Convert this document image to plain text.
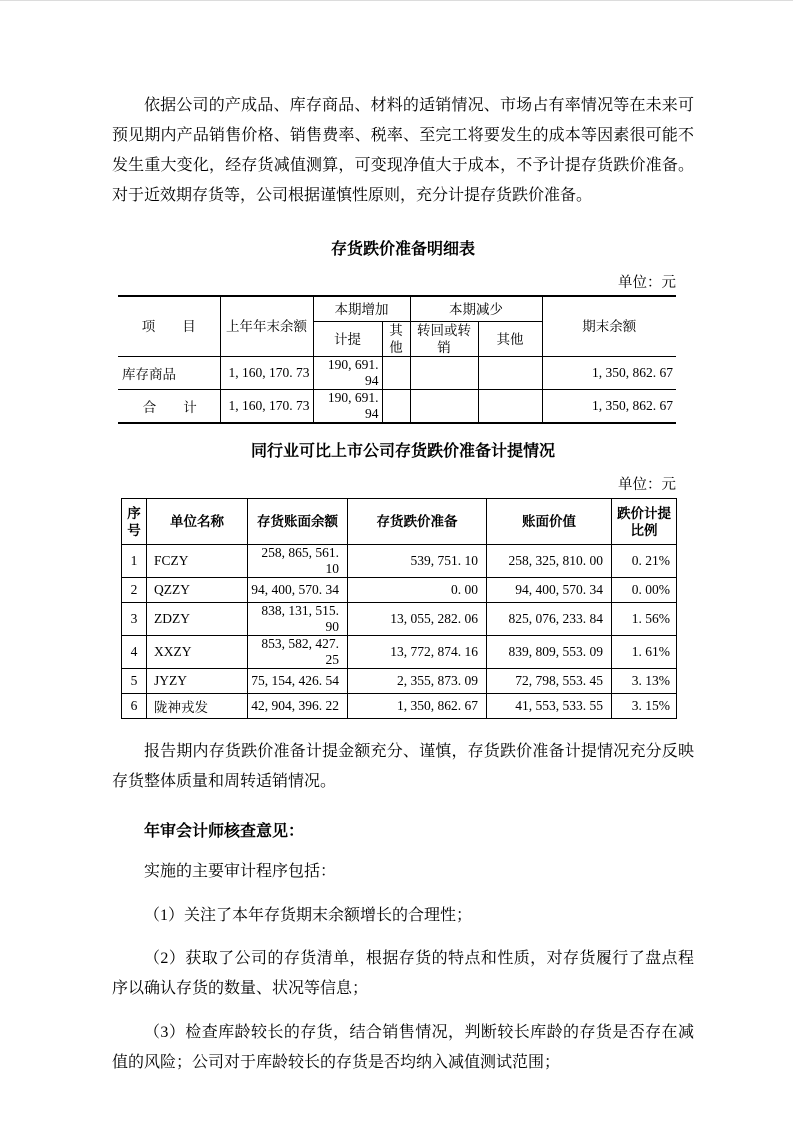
依据公司的产成品、库存商品、材料的适销情况、市场占有率情况等在未来可预见期内产品销售价格、销售费率、税率、至完工将要发生的成本等因素很可能不发生重大变化，经存货减值测算，可变现净值大于成本，不予计提存货跌价准备。对于近效期存货等，公司根据谨慎性原则，充分计提存货跌价准备。

存货跌价准备明细表
单位：元
项　　目	上年年末余额	本期增加		本期减少		期末余额
		计提	其他	转回或转销	其他	
库存商品	1, 160, 170. 73	190, 691. 94				1, 350, 862. 67
合　　计	1, 160, 170. 73	190, 691. 94				1, 350, 862. 67
同行业可比上市公司存货跌价准备计提情况
单位：元
序号	单位名称	存货账面余额	存货跌价准备	账面价值	跌价计提比例
1	FCZY	258, 865, 561. 10	539, 751. 10	258, 325, 810. 00	0. 21%
2	QZZY	94, 400, 570. 34	0. 00	94, 400, 570. 34	0. 00%
3	ZDZY	838, 131, 515. 90	13, 055, 282. 06	825, 076, 233. 84	1. 56%
4	XXZY	853, 582, 427. 25	13, 772, 874. 16	839, 809, 553. 09	1. 61%
5	JYZY	75, 154, 426. 54	2, 355, 873. 09	72, 798, 553. 45	3. 13%
6	陇神戎发	42, 904, 396. 22	1, 350, 862. 67	41, 553, 533. 55	3. 15%

报告期内存货跌价准备计提金额充分、谨慎，存货跌价准备计提情况充分反映存货整体质量和周转适销情况。

年审会计师核查意见：

实施的主要审计程序包括：

（1）关注了本年存货期末余额增长的合理性；

（2）获取了公司的存货清单，根据存货的特点和性质，对存货履行了盘点程序以确认存货的数量、状况等信息；

（3）检查库龄较长的存货，结合销售情况，判断较长库龄的存货是否存在减值的风险；公司对于库龄较长的存货是否均纳入减值测试范围；
